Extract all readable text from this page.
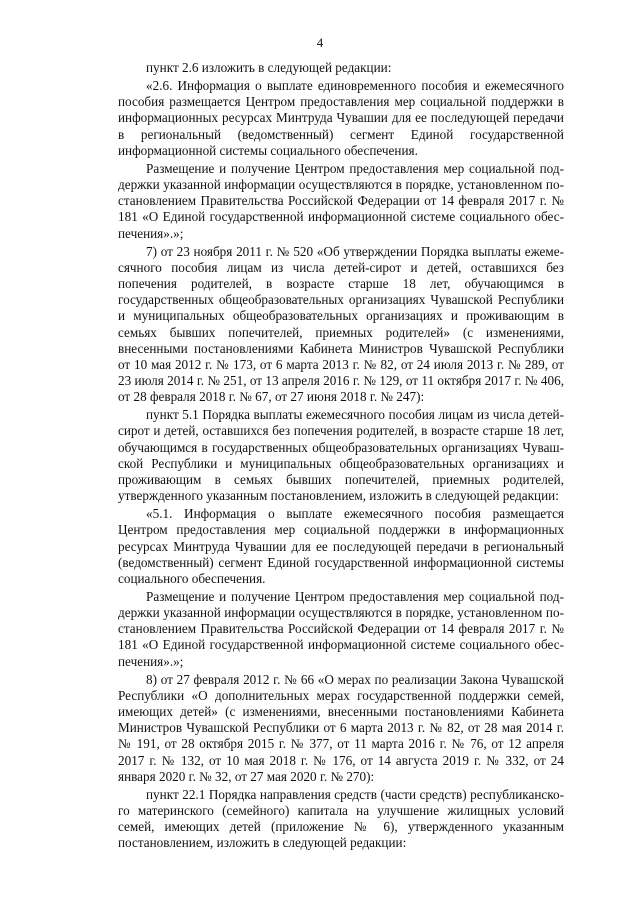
4

пункт 2.6 изложить в следующей редакции:

«2.6. Информация о выплате единовременного пособия и ежемесячного пособия размещается Центром предоставления мер социальной поддержки в информационных ресурсах Минтруда Чувашии для ее последующей передачи в региональный (ведомственный) сегмент Единой государственной информационной системы социального обеспечения.

Размещение и получение Центром предоставления мер социальной поддержки указанной информации осуществляются в порядке, установленном постановлением Правительства Российской Федерации от 14 февраля 2017 г. № 181 «О Единой государственной информационной системе социального обеспечения».»;

7) от 23 ноября 2011 г. № 520 «Об утверждении Порядка выплаты ежемесячного пособия лицам из числа детей-сирот и детей, оставшихся без попечения родителей, в возрасте старше 18 лет, обучающимся в государственных общеобразовательных организациях Чувашской Республики и муниципальных общеобразовательных организациях и проживающим в семьях бывших попечителей, приемных родителей» (с изменениями, внесенными постановлениями Кабинета Министров Чувашской Республики от 10 мая 2012 г. № 173, от 6 марта 2013 г. № 82, от 24 июля 2013 г. № 289, от 23 июля 2014 г. № 251, от 13 апреля 2016 г. № 129, от 11 октября 2017 г. № 406, от 28 февраля 2018 г. № 67, от 27 июня 2018 г. № 247):

пункт 5.1 Порядка выплаты ежемесячного пособия лицам из числа детей-сирот и детей, оставшихся без попечения родителей, в возрасте старше 18 лет, обучающимся в государственных общеобразовательных организациях Чувашской Республики и муниципальных общеобразовательных организациях и проживающим в семьях бывших попечителей, приемных родителей, утвержденного указанным постановлением, изложить в следующей редакции:

«5.1. Информация о выплате ежемесячного пособия размещается Центром предоставления мер социальной поддержки в информационных ресурсах Минтруда Чувашии для ее последующей передачи в региональный (ведомственный) сегмент Единой государственной информационной системы социального обеспечения.

Размещение и получение Центром предоставления мер социальной поддержки указанной информации осуществляются в порядке, установленном постановлением Правительства Российской Федерации от 14 февраля 2017 г. № 181 «О Единой государственной информационной системе социального обеспечения».»;

8) от 27 февраля 2012 г. № 66 «О мерах по реализации Закона Чувашской Республики «О дополнительных мерах государственной поддержки семей, имеющих детей» (с изменениями, внесенными постановлениями Кабинета Министров Чувашской Республики от 6 марта 2013 г. № 82, от 28 мая 2014 г. № 191, от 28 октября 2015 г. № 377, от 11 марта 2016 г. № 76, от 12 апреля 2017 г. № 132, от 10 мая 2018 г. № 176, от 14 августа 2019 г. № 332, от 24 января 2020 г. № 32, от 27 мая 2020 г. № 270):

пункт 22.1 Порядка направления средств (части средств) республиканского материнского (семейного) капитала на улучшение жилищных условий семей, имеющих детей (приложение № 6), утвержденного указанным постановлением, изложить в следующей редакции:
